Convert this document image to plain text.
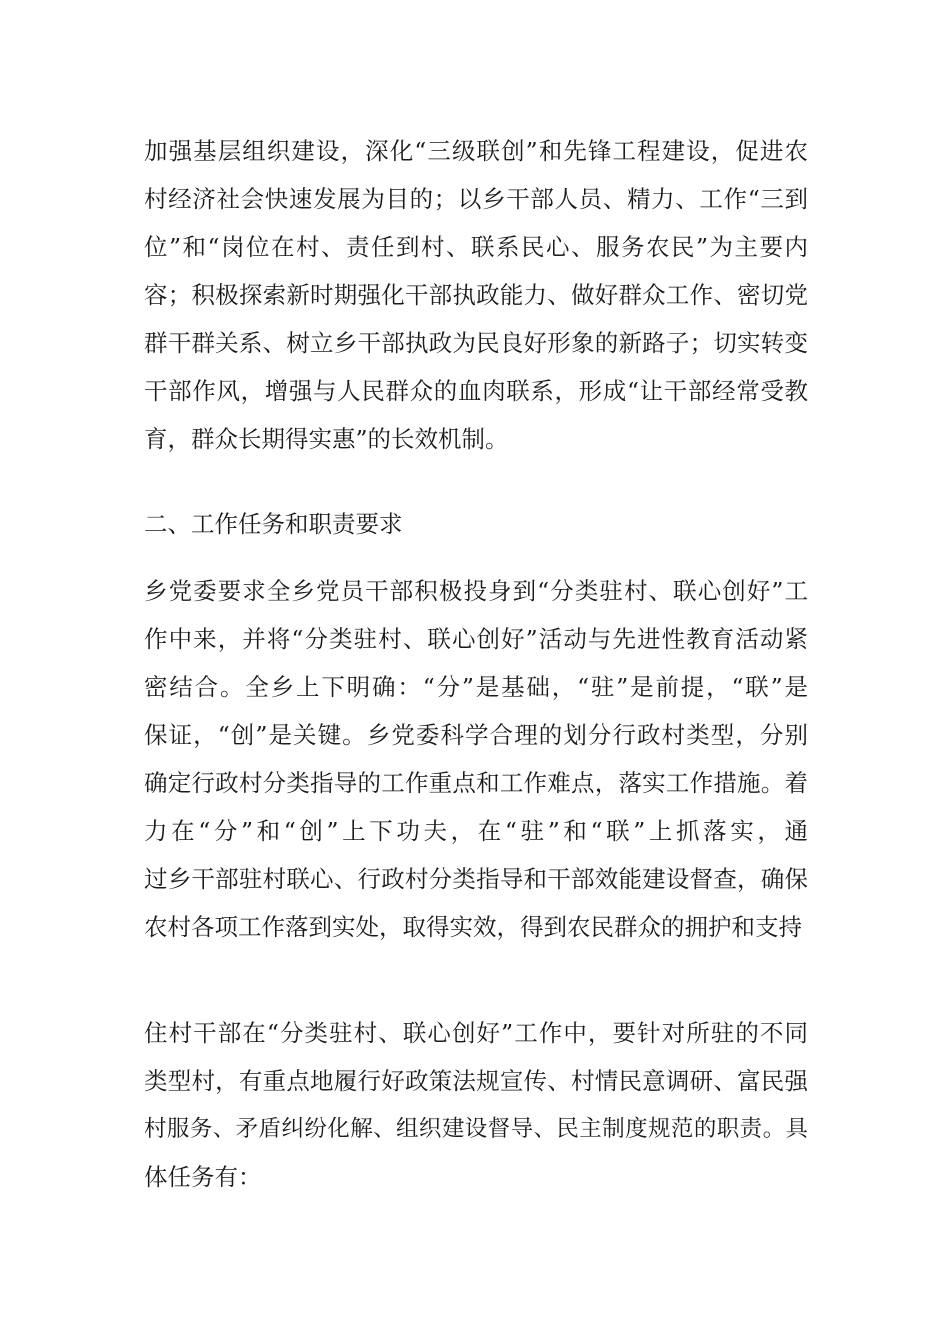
加强基层组织建设，深化“三级联创”和先锋工程建设，促进农
村经济社会快速发展为目的；以乡干部人员、精力、工作“三到
位”和“岗位在村、责任到村、联系民心、服务农民”为主要内
容；积极探索新时期强化干部执政能力、做好群众工作、密切党
群干群关系、树立乡干部执政为民良好形象的新路子；切实转变
干部作风，增强与人民群众的血肉联系，形成“让干部经常受教
育，群众长期得实惠”的长效机制。
二、工作任务和职责要求
乡党委要求全乡党员干部积极投身到“分类驻村、联心创好”工
作中来，并将“分类驻村、联心创好”活动与先进性教育活动紧
密结合。全乡上下明确：“分”是基础，“驻”是前提，“联”是
保证，“创”是关键。乡党委科学合理的划分行政村类型，分别
确定行政村分类指导的工作重点和工作难点，落实工作措施。着
力在“分”和“创”上下功夫，在“驻”和“联”上抓落实，通
过乡干部驻村联心、行政村分类指导和干部效能建设督查，确保
农村各项工作落到实处，取得实效，得到农民群众的拥护和支持
住村干部在“分类驻村、联心创好”工作中，要针对所驻的不同
类型村，有重点地履行好政策法规宣传、村情民意调研、富民强
村服务、矛盾纠纷化解、组织建设督导、民主制度规范的职责。具
体任务有：
